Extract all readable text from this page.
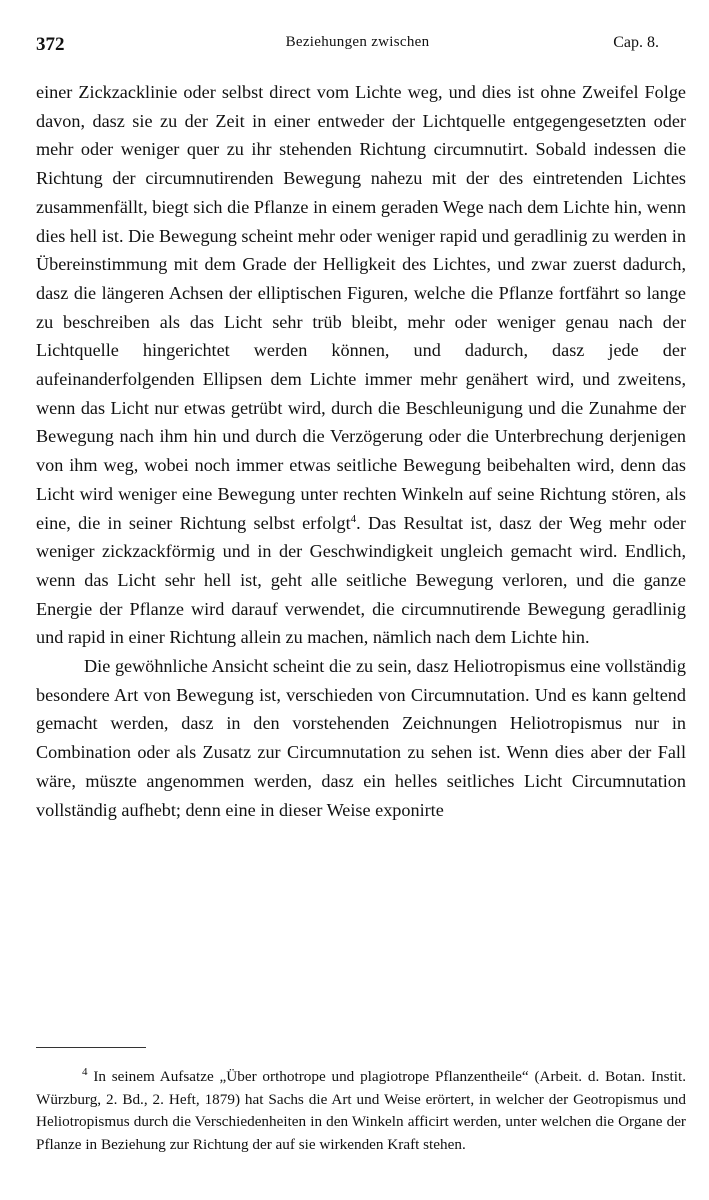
372	Beziehungen zwischen	Cap. 8.

einer Zickzacklinie oder selbst direct vom Lichte weg, und dies ist ohne Zweifel Folge davon, dasz sie zu der Zeit in einer entweder der Lichtquelle entgegengesetzten oder mehr oder weniger quer zu ihr stehenden Richtung circumnutirt. Sobald indessen die Richtung der circumnutirenden Bewegung nahezu mit der des eintretenden Lichtes zusammenfällt, biegt sich die Pflanze in einem geraden Wege nach dem Lichte hin, wenn dies hell ist. Die Bewegung scheint mehr oder weniger rapid und geradlinig zu werden in Übereinstimmung mit dem Grade der Helligkeit des Lichtes, und zwar zuerst dadurch, dasz die längeren Achsen der elliptischen Figuren, welche die Pflanze fortfährt so lange zu beschreiben als das Licht sehr trüb bleibt, mehr oder weniger genau nach der Lichtquelle hingerichtet werden können, und dadurch, dasz jede der aufeinanderfolgenden Ellipsen dem Lichte immer mehr genähert wird, und zweitens, wenn das Licht nur etwas getrübt wird, durch die Beschleunigung und die Zunahme der Bewegung nach ihm hin und durch die Verzögerung oder die Unterbrechung derjenigen von ihm weg, wobei noch immer etwas seitliche Bewegung beibehalten wird, denn das Licht wird weniger eine Bewegung unter rechten Winkeln auf seine Richtung stören, als eine, die in seiner Richtung selbst erfolgt$^4$. Das Resultat ist, dasz der Weg mehr oder weniger zickzackförmig und in der Geschwindigkeit ungleich gemacht wird. Endlich, wenn das Licht sehr hell ist, geht alle seitliche Bewegung verloren, und die ganze Energie der Pflanze wird darauf verwendet, die circumnutirende Bewegung geradlinig und rapid in einer Richtung allein zu machen, nämlich nach dem Lichte hin.

Die gewöhnliche Ansicht scheint die zu sein, dasz Heliotropismus eine vollständig besondere Art von Bewegung ist, verschieden von Circumnutation. Und es kann geltend gemacht werden, dasz in den vorstehenden Zeichnungen Heliotropismus nur in Combination oder als Zusatz zur Circumnutation zu sehen ist. Wenn dies aber der Fall wäre, müszte angenommen werden, dasz ein helles seitliches Licht Circumnutation vollständig aufhebt; denn eine in dieser Weise exponirte

$^4$ In seinem Aufsatze „Über orthotrope und plagiotrope Pflanzentheile“ (Arbeit. d. Botan. Instit. Würzburg, 2. Bd., 2. Heft, 1879) hat Sachs die Art und Weise erörtert, in welcher der Geotropismus und Heliotropismus durch die Verschiedenheiten in den Winkeln afficirt werden, unter welchen die Organe der Pflanze in Beziehung zur Richtung der auf sie wirkenden Kraft stehen.
